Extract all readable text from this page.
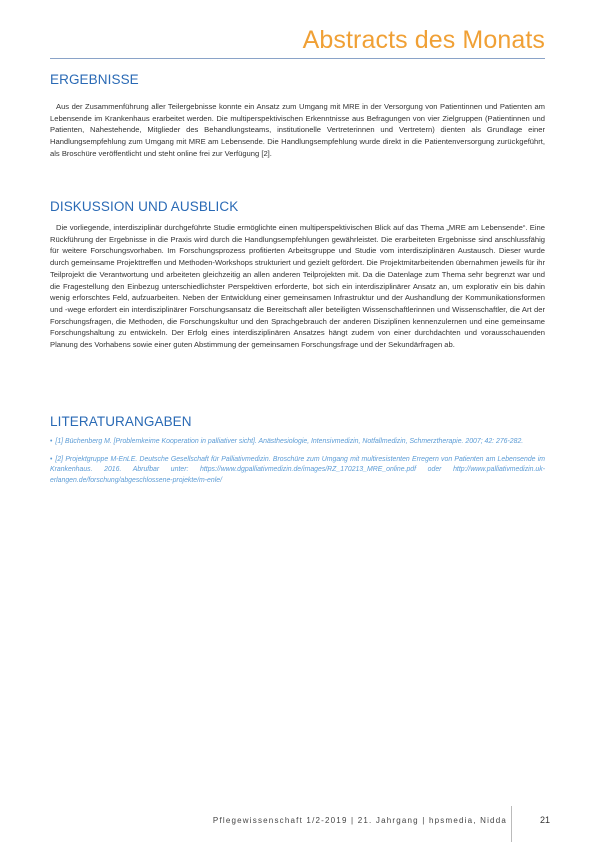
Abstracts des Monats
ERGEBNISSE

Aus der Zusammenführung aller Teilergebnisse konnte ein Ansatz zum Umgang mit MRE in der Versorgung von Patientinnen und Patienten am Lebensende im Krankenhaus erarbeitet werden. Die multiperspektivischen Erkenntnisse aus Befragungen von vier Zielgruppen (Patientinnen und Patienten, Nahestehende, Mitglieder des Behandlungsteams, institutionelle Vertreterinnen und Vertretern) dienten als Grundlage einer Handlungsempfehlung zum Umgang mit MRE am Lebensende. Die Handlungsempfehlung wurde direkt in die Patientenversorgung zurückgeführt, als Broschüre veröffentlicht und steht online frei zur Verfügung [2].

DISKUSSION UND AUSBLICK

Die vorliegende, interdisziplinär durchgeführte Studie ermöglichte einen multiperspektivischen Blick auf das Thema „MRE am Lebensende“. Eine Rückführung der Ergebnisse in die Praxis wird durch die Handlungsempfehlungen gewährleistet. Die erarbeiteten Ergebnisse sind anschlussfähig für weitere Forschungsvorhaben. Im Forschungsprozess profitierten Arbeitsgruppe und Studie vom interdisziplinären Austausch. Dieser wurde durch gemeinsame Projekttreffen und Methoden-Workshops strukturiert und gezielt gefördert. Die Projektmitarbeitenden übernahmen jeweils für ihr Teilprojekt die Verantwortung und arbeiteten gleichzeitig an allen anderen Teilprojekten mit. Da die Datenlage zum Thema sehr begrenzt war und die Fragestellung den Einbezug unterschiedlichster Perspektiven erforderte, bot sich ein interdisziplinärer Ansatz an, um explorativ ein bis dahin wenig erforschtes Feld, aufzuarbeiten. Neben der Entwicklung einer gemeinsamen Infrastruktur und der Aushandlung der Kommunikationsformen und -wege erfordert ein interdisziplinärer Forschungsansatz die Bereitschaft aller beteiligten Wissenschaftlerinnen und Wissenschaftler, die Art der Forschungsfragen, die Methoden, die Forschungskultur und den Sprachgebrauch der anderen Disziplinen kennenzulernen und eine gemeinsame Forschungshaltung zu entwickeln. Der Erfolg eines interdisziplinären Ansatzes hängt zudem von einer durchdachten und vorausschauenden Planung des Vorhabens sowie einer guten Abstimmung der gemeinsamen Forschungsfrage und der Sekundärfragen ab.

LITERATURANGABEN
• [1] Büchenberg M. [Problemkeime Kooperation in palliativer sicht]. Anästhesiologie, Intensivmedizin, Notfallmedizin, Schmerztherapie. 2007; 42: 276-282.
• [2] Projektgruppe M-EnLE. Deutsche Gesellschaft für Palliativmedizin. Broschüre zum Umgang mit multiresistenten Erregern von Patienten am Lebensende im Krankenhaus. 2016. Abrufbar unter: https://www.dgpalliativmedizin.de/images/RZ_170213_MRE_online.pdf oder http://www.palliativmedizin.uk-erlangen.de/forschung/abgeschlossene-projekte/m-enle/
Pflegewissenschaft 1/2-2019 | 21. Jahrgang | hpsmedia, Nidda	21
